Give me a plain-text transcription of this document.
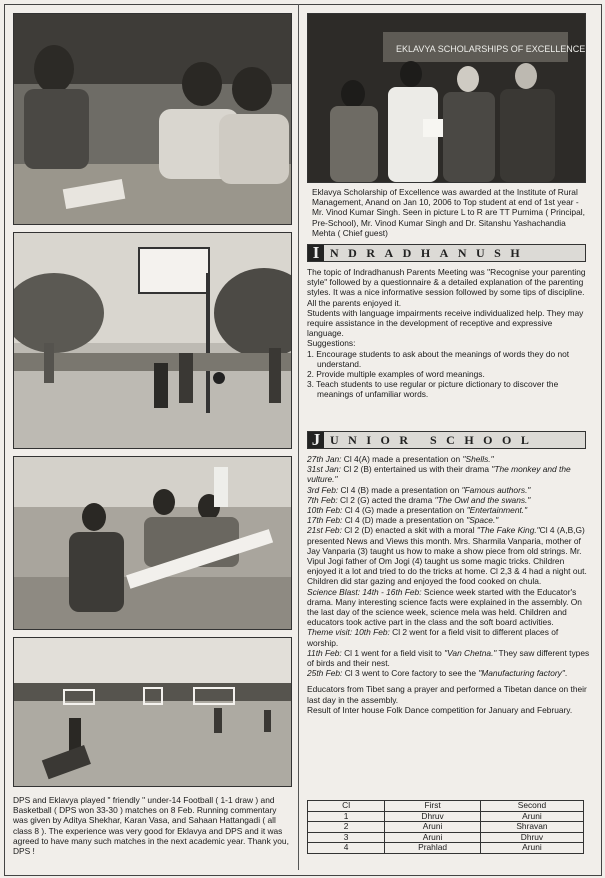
DPS and Eklavya played " friendly " under-14 Football ( 1-1 draw ) and Basketball ( DPS won 33-30 ) matches on 8 Feb. Running commentary was given by Aditya Shekhar, Karan Vasa, and Sahaan Hattangadi ( all class 8 ). The experience was very good for Eklavya and DPS and it was agreed to have many such matches in the next academic year. Thank you, DPS !
EKLAVYA SCHOLARSHIPS OF EXCELLENCE
Eklavya Scholarship of Excellence was awarded at the Institute of Rural Management, Anand on Jan 10, 2006 to Top student at end of 1st year - Mr. Vinod Kumar Singh. Seen in picture L to R are TT Purnima ( Principal, Pre-School), Mr. Vinod Kumar Singh and Dr. Sitanshu Yashachandia Mehta ( Chief guest)
I NDRADHANUSH

The topic of Indradhanush Parents Meeting was "Recognise your parenting style" followed by a questionnaire & a detailed explanation of the parenting styles. It was a nice informative session followed by some tips of discipline. All the parents enjoyed it.

Students with language impairments receive individualized help. They may require assistance in the development of receptive and expressive language.

Suggestions:

1. Encourage students to ask about the meanings of words they do not understand.
2. Provide multiple examples of word meanings.
3. Teach students to use regular or picture dictionary to discover the meanings of unfamiliar words.
J UNIOR SCHOOL

27th Jan: Cl 4(A) made a presentation on "Shells."

31st Jan: Cl 2 (B) entertained us with their drama "The monkey and the vulture."

3rd Feb: Cl 4 (B) made a presentation on "Famous authors."

7th Feb: Cl 2 (G) acted the drama "The Owl and the swans."

10th Feb: Cl 4 (G) made a presentation on "Entertainment."

17th Feb: Cl 4 (D) made a presentation on "Space."

21st Feb: Cl 2 (D) enacted a skit with a moral "The Fake King."Cl 4 (A,B,G) presented News and Views this month. Mrs. Sharmila Vanparia, mother of Jay Vanparia (3) taught us how to make a show piece from old strings. Mr. Vipul Jogi father of Om Jogi (4) taught us some magic tricks. Children enjoyed it a lot and tried to do the tricks at home. Cl 2,3 & 4 had a night out. Children did star gazing and enjoyed the food cooked on chula.

Science Blast: 14th - 16th Feb: Science week started with the Educator's drama. Many interesting science facts were explained in the assembly. On the last day of the science week, science mela was held. Children and educators took active part in the class and the soft board activities.

Theme visit: 10th Feb: Cl 2 went for a field visit to different places of worship.

11th Feb: Cl 1 went for a field visit to "Van Chetna." They saw different types of birds and their nest.

25th Feb: Cl 3 went to Core factory to see the "Manufacturing factory".

Educators from Tibet sang a prayer and performed a Tibetan dance on their last day in the assembly.

Result of Inter house Folk Dance competition for January and February.

Cl	First	Second
1	Dhruv	Aruni
2	Aruni	Shravan
3	Aruni	Dhruv
4	Prahlad	Aruni
